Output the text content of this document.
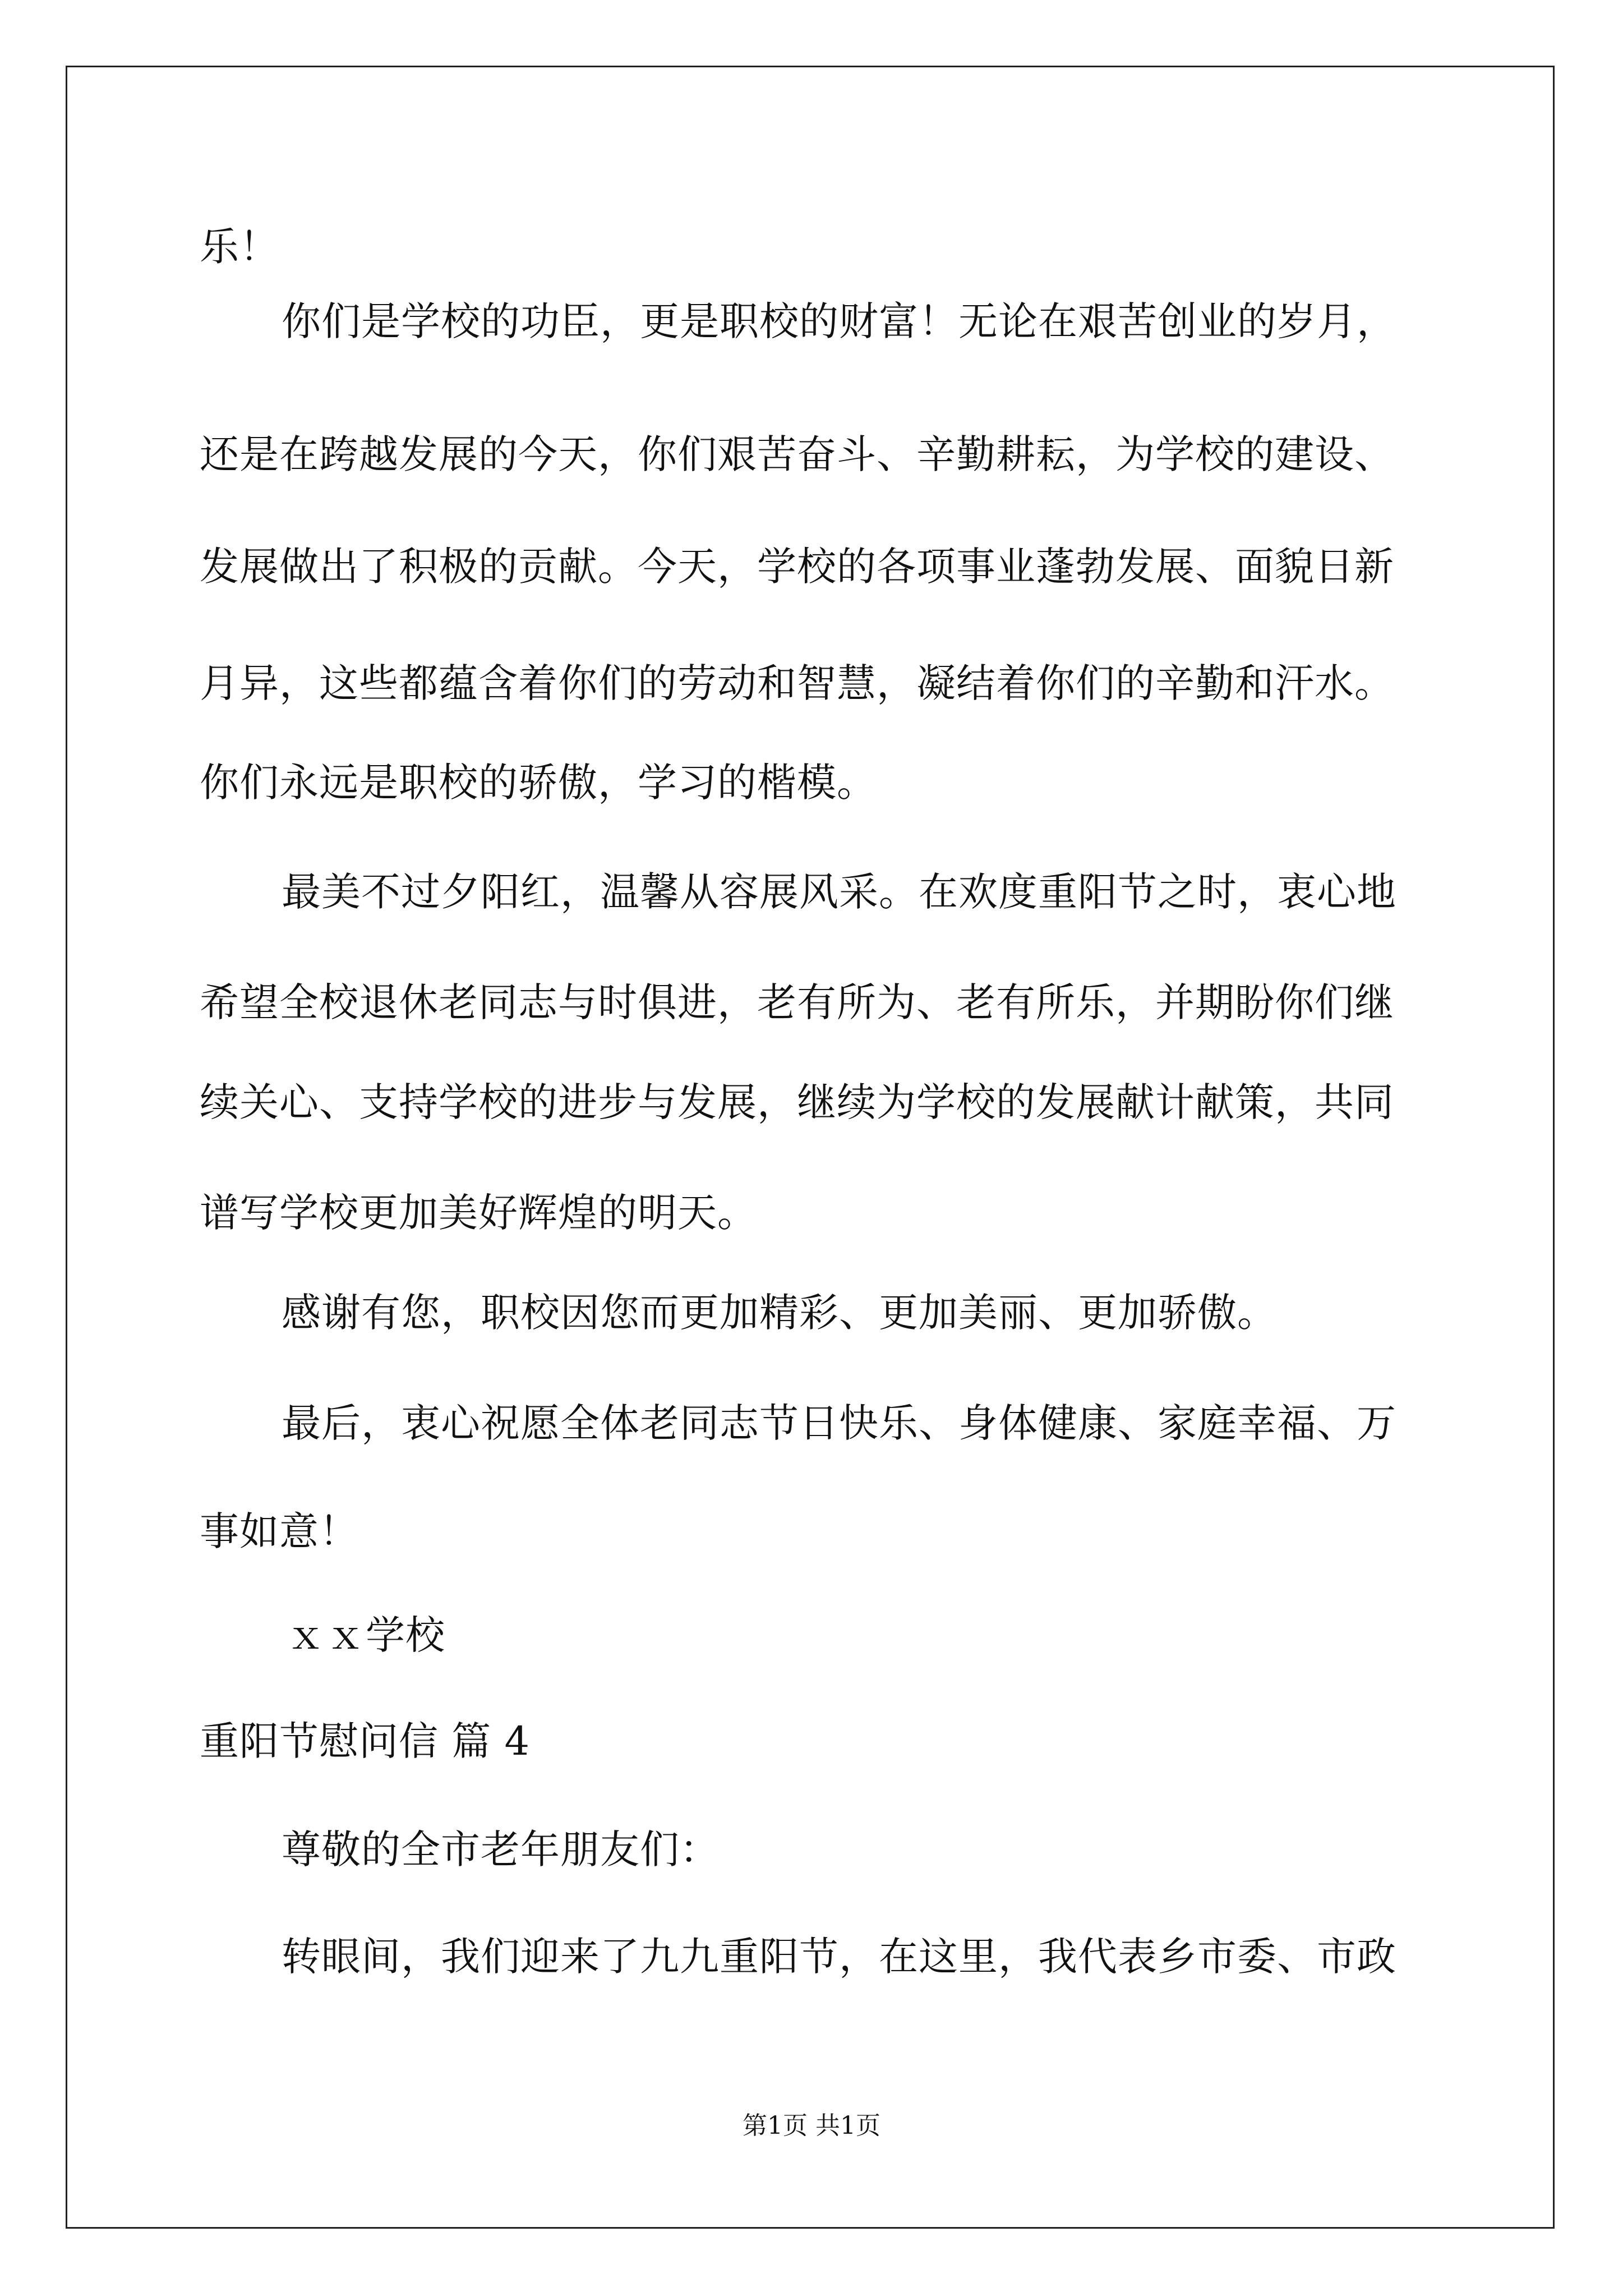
乐！
你们是学校的功臣，更是职校的财富！无论在艰苦创业的岁月，
还是在跨越发展的今天，你们艰苦奋斗、辛勤耕耘，为学校的建设、
发展做出了积极的贡献。今天，学校的各项事业蓬勃发展、面貌日新
月异，这些都蕴含着你们的劳动和智慧，凝结着你们的辛勤和汗水。
你们永远是职校的骄傲，学习的楷模。
最美不过夕阳红，温馨从容展风采。在欢度重阳节之时，衷心地
希望全校退休老同志与时俱进，老有所为、老有所乐，并期盼你们继
续关心、支持学校的进步与发展，继续为学校的发展献计献策，共同
谱写学校更加美好辉煌的明天。
感谢有您，职校因您而更加精彩、更加美丽、更加骄傲。
最后，衷心祝愿全体老同志节日快乐、身体健康、家庭幸福、万
事如意！
ｘｘ学校
重阳节慰问信 篇 4
尊敬的全市老年朋友们：
转眼间，我们迎来了九九重阳节，在这里，我代表乡市委、市政
第1页 共1页
